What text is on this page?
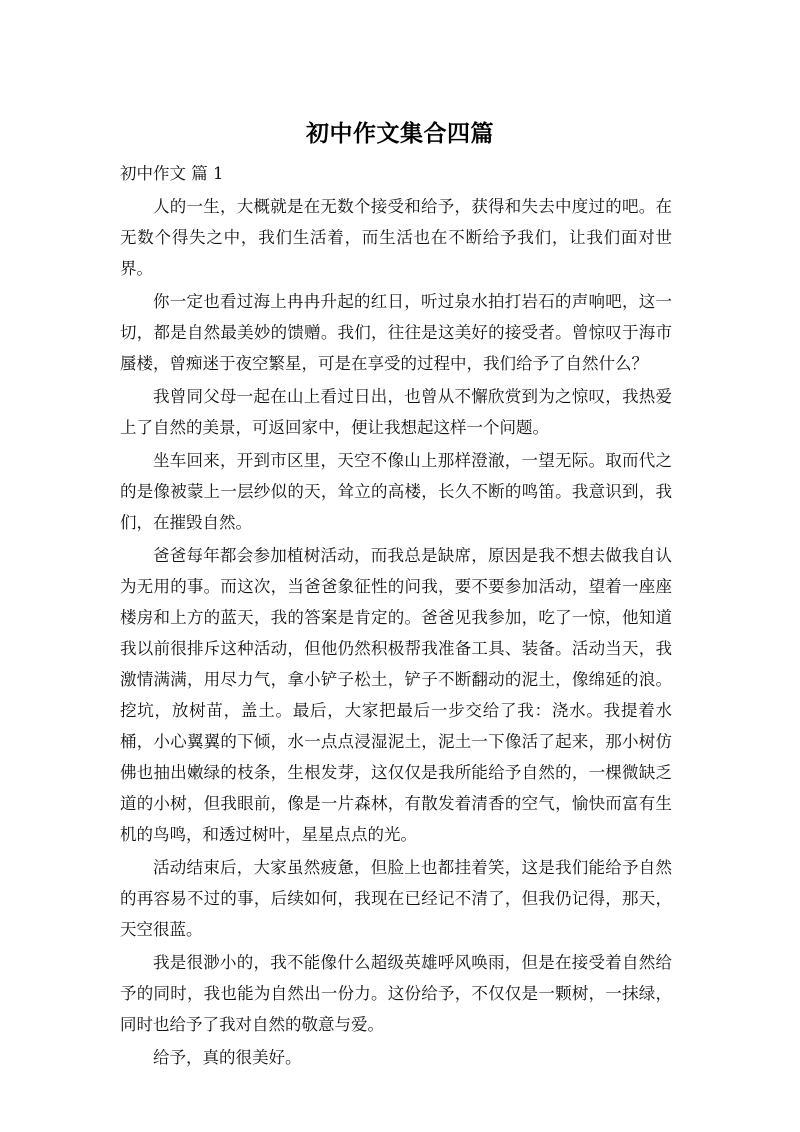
初中作文集合四篇

初中作文 篇 1

人的一生，大概就是在无数个接受和给予，获得和失去中度过的吧。在无数个得失之中，我们生活着，而生活也在不断给予我们，让我们面对世界。

你一定也看过海上冉冉升起的红日，听过泉水拍打岩石的声响吧，这一切，都是自然最美妙的馈赠。我们，往往是这美好的接受者。曾惊叹于海市蜃楼，曾痴迷于夜空繁星，可是在享受的过程中，我们给予了自然什么？

我曾同父母一起在山上看过日出，也曾从不懈欣赏到为之惊叹，我热爱上了自然的美景，可返回家中，便让我想起这样一个问题。

坐车回来，开到市区里，天空不像山上那样澄澈，一望无际。取而代之的是像被蒙上一层纱似的天，耸立的高楼，长久不断的鸣笛。我意识到，我们，在摧毁自然。

爸爸每年都会参加植树活动，而我总是缺席，原因是我不想去做我自认为无用的事。而这次，当爸爸象征性的问我，要不要参加活动，望着一座座楼房和上方的蓝天，我的答案是肯定的。爸爸见我参加，吃了一惊，他知道我以前很排斥这种活动，但他仍然积极帮我准备工具、装备。活动当天，我激情满满，用尽力气，拿小铲子松土，铲子不断翻动的泥土，像绵延的浪。挖坑，放树苗，盖土。最后，大家把最后一步交给了我：浇水。我提着水桶，小心翼翼的下倾，水一点点浸湿泥土，泥土一下像活了起来，那小树仿佛也抽出嫩绿的枝条，生根发芽，这仅仅是我所能给予自然的，一棵微缺乏道的小树，但我眼前，像是一片森林，有散发着清香的空气，愉快而富有生机的鸟鸣，和透过树叶，星星点点的光。

活动结束后，大家虽然疲惫，但脸上也都挂着笑，这是我们能给予自然的再容易不过的事，后续如何，我现在已经记不清了，但我仍记得，那天，天空很蓝。

我是很渺小的，我不能像什么超级英雄呼风唤雨，但是在接受着自然给予的同时，我也能为自然出一份力。这份给予，不仅仅是一颗树，一抹绿，同时也给予了我对自然的敬意与爱。

给予，真的很美好。
